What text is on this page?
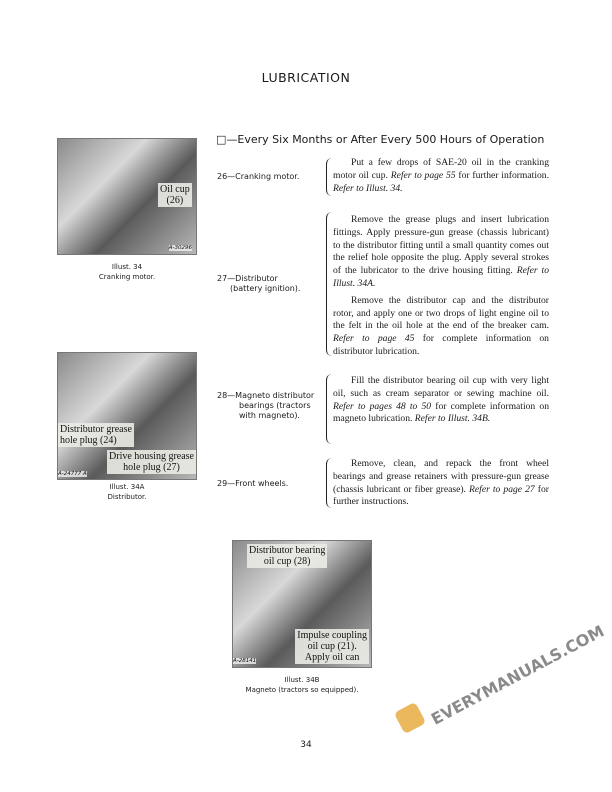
LUBRICATION
□—Every Six Months or After Every 500 Hours of Operation
Oil cup
(26)
A-30296
Illust. 34
Cranking motor.
Distributor grease
hole plug (24)
Drive housing grease
hole plug (27)
A-24777 A
Illust. 34A
Distributor.
Distributor bearing
oil cup (28)
Impulse coupling
oil cup (21).
Apply oil can
A-28141
Illust. 34B
Magneto (tractors so equipped).
26—Cranking motor.

Put a few drops of SAE-20 oil in the cranking motor oil cup. Refer to page 55 for further information. Refer to Illust. 34.

27—Distributor
(battery ignition).

Remove the grease plugs and insert lubrication fittings. Apply pressure-gun grease (chassis lubricant) to the distributor fitting until a small quantity comes out the relief hole opposite the plug. Apply several strokes of the lubricator to the drive housing fitting. Refer to Illust. 34A.

Remove the distributor cap and the distributor rotor, and apply one or two drops of light engine oil to the felt in the oil hole at the end of the breaker cam. Refer to page 45 for complete information on distributor lubrication.

28—Magneto distributor
bearings (tractors
with magneto).

Fill the distributor bearing oil cup with very light oil, such as cream separator or sewing machine oil. Refer to pages 48 to 50 for complete information on magneto lubrication. Refer to Illust. 34B.

29—Front wheels.

Remove, clean, and repack the front wheel bearings and grease retainers with pressure-gun grease (chassis lubricant or fiber grease). Refer to page 27 for further instructions.

34
EVERYMANUALS.COM
